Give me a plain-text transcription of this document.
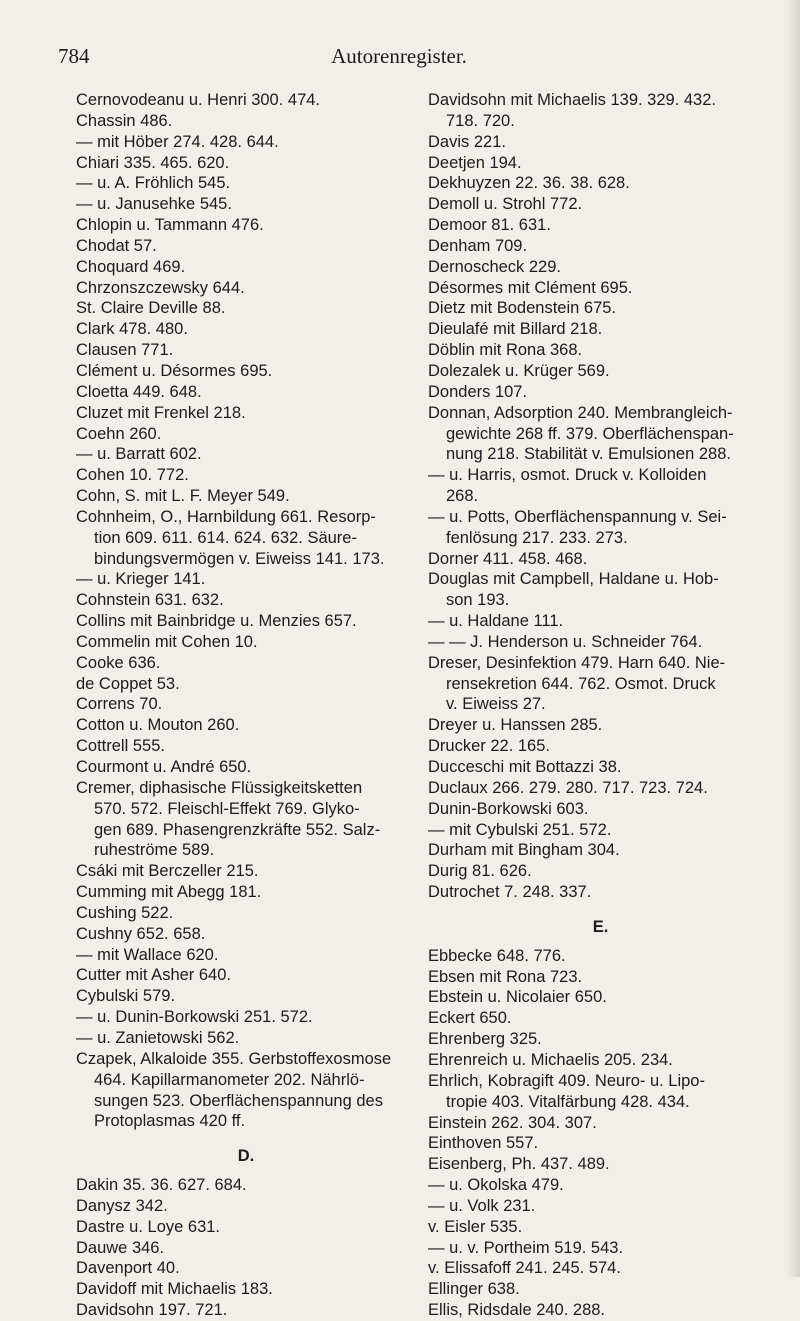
784	Autorenregister.
Cernovodeanu u. Henri 300. 474.
Chassin 486.
— mit Höber 274. 428. 644.
Chiari 335. 465. 620.
— u. A. Fröhlich 545.
— u. Janusehke 545.
Chlopin u. Tammann 476.
Chodat 57.
Choquard 469.
Chrzonszczewsky 644.
St. Claire Deville 88.
Clark 478. 480.
Clausen 771.
Clément u. Désormes 695.
Cloetta 449. 648.
Cluzet mit Frenkel 218.
Coehn 260.
— u. Barratt 602.
Cohen 10. 772.
Cohn, S. mit L. F. Meyer 549.
Cohnheim, O., Harnbildung 661. Resorp-
tion 609. 611. 614. 624. 632. Säure-
bindungsvermögen v. Eiweiss 141. 173.
— u. Krieger 141.
Cohnstein 631. 632.
Collins mit Bainbridge u. Menzies 657.
Commelin mit Cohen 10.
Cooke 636.
de Coppet 53.
Correns 70.
Cotton u. Mouton 260.
Cottrell 555.
Courmont u. André 650.
Cremer, diphasische Flüssigkeitsketten
570. 572. Fleischl-Effekt 769. Glyko-
gen 689. Phasengrenzkräfte 552. Salz-
ruheströme 589.
Csáki mit Berczeller 215.
Cumming mit Abegg 181.
Cushing 522.
Cushny 652. 658.
— mit Wallace 620.
Cutter mit Asher 640.
Cybulski 579.
— u. Dunin-Borkowski 251. 572.
— u. Zanietowski 562.
Czapek, Alkaloide 355. Gerbstoffexosmose
464. Kapillarmanometer 202. Nährlö-
sungen 523. Oberflächenspannung des
Protoplasmas 420 ff.
D.
Dakin 35. 36. 627. 684.
Danysz 342.
Dastre u. Loye 631.
Dauwe 346.
Davenport 40.
Davidoff mit Michaelis 183.
Davidsohn 197. 721.
Davidsohn mit Michaelis 139. 329. 432.
718. 720.
Davis 221.
Deetjen 194.
Dekhuyzen 22. 36. 38. 628.
Demoll u. Strohl 772.
Demoor 81. 631.
Denham 709.
Dernoscheck 229.
Désormes mit Clément 695.
Dietz mit Bodenstein 675.
Dieulafé mit Billard 218.
Döblin mit Rona 368.
Dolezalek u. Krüger 569.
Donders 107.
Donnan, Adsorption 240. Membrangleich-
gewichte 268 ff. 379. Oberflächenspan-
nung 218. Stabilität v. Emulsionen 288.
— u. Harris, osmot. Druck v. Kolloiden
268.
— u. Potts, Oberflächenspannung v. Sei-
fenlösung 217. 233. 273.
Dorner 411. 458. 468.
Douglas mit Campbell, Haldane u. Hob-
son 193.
— u. Haldane 111.
— — J. Henderson u. Schneider 764.
Dreser, Desinfektion 479. Harn 640. Nie-
rensekretion 644. 762. Osmot. Druck
v. Eiweiss 27.
Dreyer u. Hanssen 285.
Drucker 22. 165.
Ducceschi mit Bottazzi 38.
Duclaux 266. 279. 280. 717. 723. 724.
Dunin-Borkowski 603.
— mit Cybulski 251. 572.
Durham mit Bingham 304.
Durig 81. 626.
Dutrochet 7. 248. 337.
E.
Ebbecke 648. 776.
Ebsen mit Rona 723.
Ebstein u. Nicolaier 650.
Eckert 650.
Ehrenberg 325.
Ehrenreich u. Michaelis 205. 234.
Ehrlich, Kobragift 409. Neuro- u. Lipo-
tropie 403. Vitalfärbung 428. 434.
Einstein 262. 304. 307.
Einthoven 557.
Eisenberg, Ph. 437. 489.
— u. Okolska 479.
— u. Volk 231.
v. Eisler 535.
— u. v. Portheim 519. 543.
v. Elissafoff 241. 245. 574.
Ellinger 638.
Ellis, Ridsdale 240. 288.
